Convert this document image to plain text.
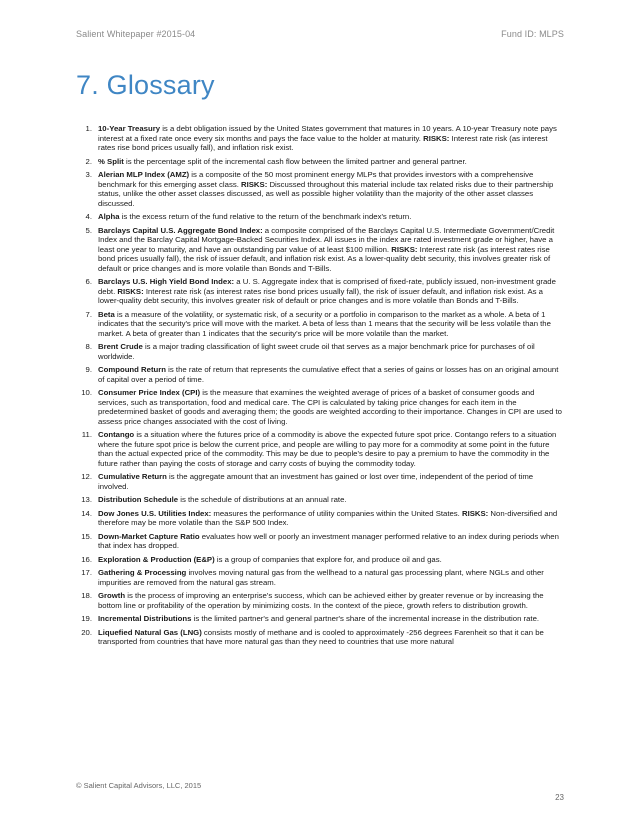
Salient Whitepaper #2015-04	Fund ID: MLPS
7. Glossary
1. 10-Year Treasury is a debt obligation issued by the United States government that matures in 10 years. A 10-year Treasury note pays interest at a fixed rate once every six months and pays the face value to the holder at maturity. RISKS: Interest rate risk (as interest rates rise bond prices usually fall), and inflation risk exist.
2. % Split is the percentage split of the incremental cash flow between the limited partner and general partner.
3. Alerian MLP Index (AMZ) is a composite of the 50 most prominent energy MLPs that provides investors with a comprehensive benchmark for this emerging asset class. RISKS: Discussed throughout this material include tax related risks due to their partnership status, unlike the other asset classes discussed, as well as possible higher volatility than the majority of the other asset classes discussed.
4. Alpha is the excess return of the fund relative to the return of the benchmark index's return.
5. Barclays Capital U.S. Aggregate Bond Index: a composite comprised of the Barclays Capital U.S. Intermediate Government/Credit Index and the Barclay Capital Mortgage-Backed Securities Index. All issues in the index are rated investment grade or higher, have a least one year to maturity, and have an outstanding par value of at least $100 million. RISKS: Interest rate risk (as interest rates rise bond prices usually fall), the risk of issuer default, and inflation risk exist. As a lower-quality debt security, this involves greater risk of default or price changes and is more volatile than Bonds and T-Bills.
6. Barclays U.S. High Yield Bond Index: a U. S. Aggregate index that is comprised of fixed-rate, publicly issued, non-investment grade debt. RISKS: Interest rate risk (as interest rates rise bond prices usually fall), the risk of issuer default, and inflation risk exist. As a lower-quality debt security, this involves greater risk of default or price changes and is more volatile than Bonds and T-Bills.
7. Beta is a measure of the volatility, or systematic risk, of a security or a portfolio in comparison to the market as a whole. A beta of 1 indicates that the security's price will move with the market. A beta of less than 1 means that the security will be less volatile than the market. A beta of greater than 1 indicates that the security's price will be more volatile than the market.
8. Brent Crude is a major trading classification of light sweet crude oil that serves as a major benchmark price for purchases of oil worldwide.
9. Compound Return is the rate of return that represents the cumulative effect that a series of gains or losses has on an original amount of capital over a period of time.
10. Consumer Price Index (CPI) is the measure that examines the weighted average of prices of a basket of consumer goods and services, such as transportation, food and medical care. The CPI is calculated by taking price changes for each item in the predetermined basket of goods and averaging them; the goods are weighted according to their importance. Changes in CPI are used to assess price changes associated with the cost of living.
11. Contango is a situation where the futures price of a commodity is above the expected future spot price. Contango refers to a situation where the future spot price is below the current price, and people are willing to pay more for a commodity at some point in the future than the actual expected price of the commodity. This may be due to people's desire to pay a premium to have the commodity in the future rather than paying the costs of storage and carry costs of buying the commodity today.
12. Cumulative Return is the aggregate amount that an investment has gained or lost over time, independent of the period of time involved.
13. Distribution Schedule is the schedule of distributions at an annual rate.
14. Dow Jones U.S. Utilities Index: measures the performance of utility companies within the United States. RISKS: Non-diversified and therefore may be more volatile than the S&P 500 Index.
15. Down-Market Capture Ratio evaluates how well or poorly an investment manager performed relative to an index during periods when that index has dropped.
16. Exploration & Production (E&P) is a group of companies that explore for, and produce oil and gas.
17. Gathering & Processing involves moving natural gas from the wellhead to a natural gas processing plant, where NGLs and other impurities are removed from the natural gas stream.
18. Growth is the process of improving an enterprise's success, which can be achieved either by greater revenue or by increasing the bottom line or profitability of the operation by minimizing costs. In the context of the piece, growth refers to distribution growth.
19. Incremental Distributions is the limited partner's and general partner's share of the incremental increase in the distribution rate.
20. Liquefied Natural Gas (LNG) consists mostly of methane and is cooled to approximately -256 degrees Farenheit so that it can be transported from countries that have more natural gas than they need to countries that use more natural
© Salient Capital Advisors, LLC, 2015
23
